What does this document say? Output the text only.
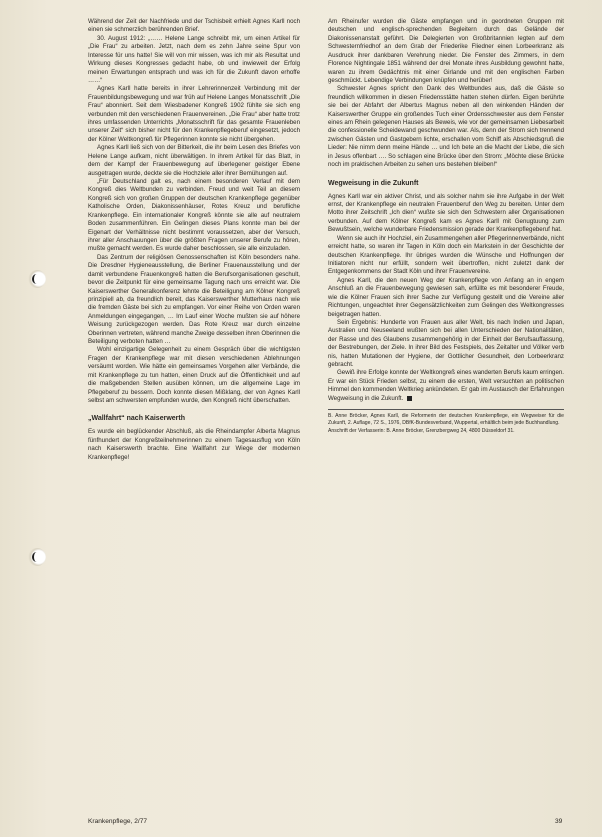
Während der Zeit der Nachfriede und der Tschisbeit erhielt Agnes Karll noch einen sie schmerzlich berührenden Brief.

30. August 1912: „…… Helene Lange schreibt mir, um einen Artikel für „Die Frau“ zu arbeiten. Jetzt, nach dem es zehn Jahre seine Spur von Interesse für uns hatte! Sie will von mir wissen, was ich mir als Resultat und Wirkung dieses Kongresses gedacht habe, ob und inwieweit der Erfolg meinen Erwartungen entsprach und was ich für die Zukunft davon erhoffe ……“

Agnes Karll hatte bereits in ihrer Lehrerinnenzeit Verbindung mit der Frauenbildungsbewegung und war früh auf Helene Langes Monatsschrift „Die Frau“ abonniert. Seit dem Wiesbadener Kongreß 1902 fühlte sie sich eng verbunden mit den verschiedenen Frauenvereinen. „Die Frau“ aber hatte trotz ihres umfassenden Unterrichts „Monatsschrift für das gesamte Frauenleben unserer Zeit“ sich bisher nicht für den Krankenpflegeberuf eingesetzt, jedoch der Kölner Weltkongreß für Pflegerinnen konnte sie nicht übergehen.

Agnes Karll ließ sich von der Bitterkeit, die ihr beim Lesen des Briefes von Helene Lange aufkam, nicht überwältigen. In ihrem Artikel für das Blatt, in dem der Kampf der Frauenbewegung auf überlegener geistiger Ebene ausgetragen wurde, deckte sie die Hochziele aller ihrer Bemühungen auf.

„Für Deutschland galt es, nach einem besonderen Verlauf mit dem Kongreß dies Weltbunden zu verbinden. Freud und weit Teil an diesem Kongreß sich von großen Gruppen der deutschen Krankenpflege gegenüber Katholische Orden, Diakonissenhäuser, Rotes Kreuz und berufliche Krankenpflege. Ein internationaler Kongreß könnte sie alle auf neutralem Boden zusammenführen. Ein Gelingen dieses Plans konnte man bei der Eigenart der Verhältnisse nicht bestimmt voraussetzen, aber der Versuch, ihrer aller Anschauungen über die größten Fragen unserer Berufe zu hören, mußte gemacht werden. Es wurde daher beschlossen, sie alle einzuladen.

Das Zentrum der religiösen Genossenschaften ist Köln besonders nahe. Die Dresdner Hygieneausstellung, die Berliner Frauenausstellung und der damit verbundene Frauenkongreß hatten die Berufsorganisationen geschult, bevor die Zeitpunkt für eine gemeinsame Tagung nach uns erreicht war. Die Kaiserswerther Generalkonferenz lehnte die Beteiligung am Kölner Kongreß prinzipiell ab, da freundlich bereit, das Kaiserswerther Mutterhaus nach wie die fremden Gäste bei sich zu empfangen. Vor einer Reihe von Orden waren Anmeldungen eingegangen, … Im Lauf einer Woche mußten sie auf höhere Weisung zurückgezogen werden. Das Rote Kreuz war durch einzelne Oberinnen vertreten, während manche Zweige desselben ihren Oberinnen die Beteiligung verboten hatten …

Wohl einzigartige Gelegenheit zu einem Gespräch über die wichtigsten Fragen der Krankenpflege war mit diesen verschiedenen Ablehnungen versäumt worden. Wie hätte ein gemeinsames Vorgehen aller Verbände, die mit Krankenpflege zu tun hatten, einen Druck auf die Öffentlichkeit und auf die maßgebenden Stellen ausüben können, um die allgemeine Lage im Pflegeberuf zu bessern. Doch konnte diesen Mißklang, der von Agnes Karll selbst am schwersten empfunden wurde, den Kongreß nicht überschatten.

„Wallfahrt“ nach Kaiserwerth

Es wurde ein beglückender Abschluß, als die Rheindampfer Alberta Magnus fünfhundert der Kongreßteilnehmerinnen zu einem Tagesausflug von Köln nach Kaiserswerth brachte. Eine Wallfahrt zur Wiege der modernen Krankenpflege!

Am Rheinufer wurden die Gäste empfangen und in geordneten Gruppen mit deutschen und englisch-sprechenden Begleitern durch das Gelände der Diakonissenanstalt geführt. Die Delegierten von Großbritannien legten auf dem Schwesternfriedhof an dem Grab der Friederike Fliedner einen Lorbeerkranz als Ausdruck ihrer dankbaren Verehrung nieder. Die Fenster des Zimmers, in dem Florence Nightingale 1851 während der drei Monate ihres Ausbildung gewohnt hatte, waren zu ihrem Gedächtnis mit einer Girlande und mit den englischen Farben geschmückt. Lebendige Verbindungen knüpfen und herüber!

Schwester Agnes spricht den Dank des Weltbundes aus, daß die Gäste so freundlich willkommen in diesen Friedensstätte hatten stehen dürfen. Eigen berührte sie bei der Abfahrt der Albertus Magnus neben all den winkenden Händen der Kaiserswerther Gruppe ein großendes Tuch einer Ordensschwester aus dem Fenster eines am Rhein gelegenen Hauses als Beweis, wie vor der gemeinsamen Liebesarbeit die confessionelle Scheidewand geschwunden war. Als, denn der Strom sich trennend zwischen Gästen und Gastgebern lichte, erschallen vom Schiff als Abschiedsgruß die Lieder: Nie nimm denn meine Hände … und Ich bete an die Macht der Liebe, die sich in Jesus offenbart …. So schlagen eine Brücke über den Strom: „Möchte diese Brücke noch im praktischen Arbeiten zu sehen uns bestehen bleiben!“

Wegweisung in die Zukunft

Agnes Karll war ein aktiver Christ, und als solcher nahm sie ihre Aufgabe in der Welt ernst, der Krankenpflege ein neutralen Frauenberuf den Weg zu bereiten. Unter dem Motto ihrer Zeitschrift „Ich dien“ wußte sie sich den Schwestern aller Organisationen verbunden. Auf dem Kölner Kongreß kam es Agnes Karll mit Genugtuung zum Bewußtsein, welche wunderbare Friedensmission gerade der Krankenpflegeberuf hat.

Wenn sie auch ihr Hochziel, ein Zusammengehen aller Pflegerinnenverbände, nicht erreicht hatte, so waren ihr Tagen in Köln doch ein Markstein in der Geschichte der deutschen Krankenpflege. Ihr übriges wurden die Wünsche und Hoffnungen der Initiatoren nicht nur erfüllt, sondern weit übertroffen, nicht zuletzt dank der Entgegenkommens der Stadt Köln und ihrer Frauenvereine.

Agnes Karll, die den neuen Weg der Krankenpflege von Anfang an in engem Anschluß an die Frauenbewegung gewiesen sah, erfüllte es mit besonderer Freude, wie die Kölner Frauen sich ihrer Sache zur Verfügung gestellt und die Vereine aller Richtungen, ungeachtet ihrer Gegensätzlichkeiten zum Gelingen des Weltkongresses beigetragen hatten.

Sein Ergebnis: Hunderte von Frauen aus aller Welt, bis nach Indien und Japan, Australien und Neuseeland wußten sich bei allen Unterschieden der Nationalitäten, der Rasse und des Glaubens zusammengehörig in der Einheit der Berufsauffassung, der Bestrebungen, der Ziele. In ihrer Bild des Festspiels, des Zeitalter und Völker verb nis, hatten Mutationen der Hygiene, der Gottlicher Gesundheit, den Lorbeerkranz gebracht.

Gewiß ihre Erfolge konnte der Weltkongreß eines wanderten Berufs kaum erringen. Er war ein Stück Frieden selbst, zu einem die ersten, Welt versuchten an politischen Himmel den kommenden Weltkrieg ankündeten. Er gab im Austausch der Erfahrungen Wegweisung in die Zukunft.

B. Anne Bröcker, Agnes Karll, die Reformerin der deutschen Krankenpflege, ein Wegweiser für die Zukunft, 2. Auflage, 72 S., 1976, DBfK-Bundesverband, Wuppertal, erhältlich beim jede Buchhandlung.

Anschrift der Verfasserin: B. Anne Bröcker, Grenzbergweg 24, 4800 Düsseldorf 31.

Krankenpflege, 2/77	39
